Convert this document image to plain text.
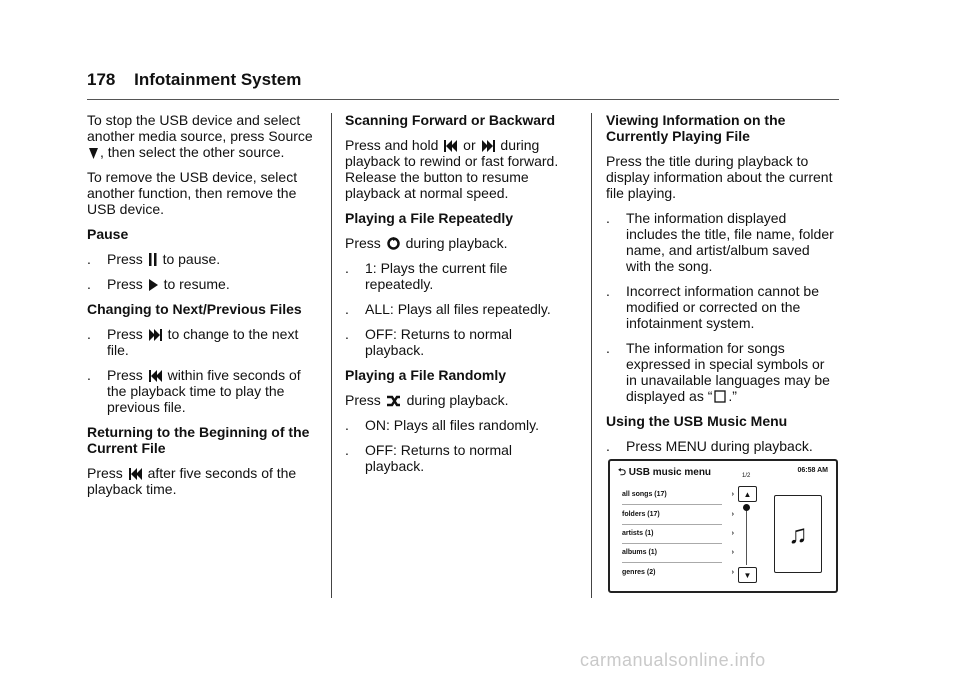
178 Infotainment System

To stop the USB device and select another media source, press Source, then select the other source.

To remove the USB device, select another function, then remove the USB device.

Pause
.	Press  to pause.
.	Press  to resume.
Changing to Next/Previous Files
.	Press  to change to the next file.
.	Press  within five seconds of the playback time to play the previous file.
Returning to the Beginning of the Current File

Press  after five seconds of the playback time.

Scanning Forward or Backward

Press and hold  or  during playback to rewind or fast forward. Release the button to resume playback at normal speed.

Playing a File Repeatedly

Press  during playback.

.	1: Plays the current file repeatedly.
.	ALL: Plays all files repeatedly.
.	OFF: Returns to normal playback.
Playing a File Randomly

Press  during playback.

.	ON: Plays all files randomly.
.	OFF: Returns to normal playback.
Viewing Information on the Currently Playing File

Press the title during playback to display information about the current file playing.

.	The information displayed includes the title, file name, folder name, and artist/album saved with the song.
.	Incorrect information cannot be modified or corrected on the infotainment system.
.	The information for songs expressed in special symbols or in unavailable languages may be displayed as “ .”
Using the USB Music Menu
.	Press MENU during playback.
⮌ USB music menu	06:58 AM
1/2
all songs (17)	›
folders (17)	›
artists (1)	›
albums (1)	›
genres (2)	›
▲
▼
♫
carmanualsonline.info
